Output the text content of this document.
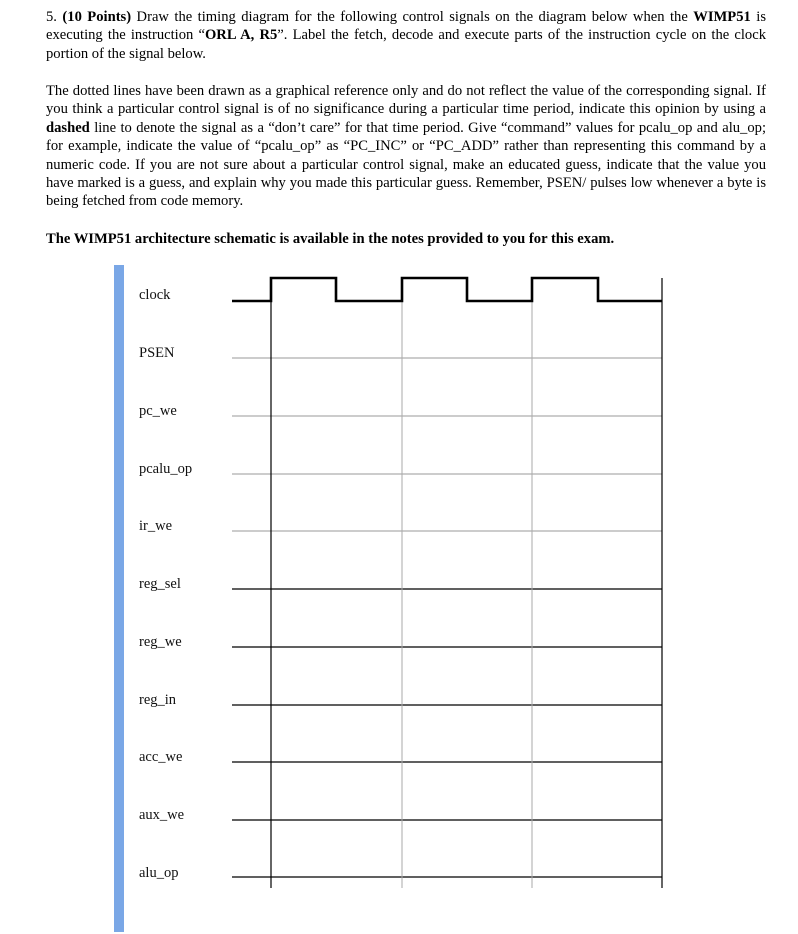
5. (10 Points) Draw the timing diagram for the following control signals on the diagram below when the WIMP51 is executing the instruction “ORL A, R5”. Label the fetch, decode and execute parts of the instruction cycle on the clock portion of the signal below.

The dotted lines have been drawn as a graphical reference only and do not reflect the value of the corresponding signal. If you think a particular control signal is of no significance during a particular time period, indicate this opinion by using a dashed line to denote the signal as a “don’t care” for that time period. Give “command” values for pcalu_op and alu_op; for example, indicate the value of “pcalu_op” as “PC_INC” or “PC_ADD” rather than representing this command by a numeric code. If you are not sure about a particular control signal, make an educated guess, indicate that the value you have marked is a guess, and explain why you made this particular guess. Remember, PSEN/ pulses low whenever a byte is being fetched from code memory.

The WIMP51 architecture schematic is available in the notes provided to you for this exam.

clock
PSEN
pc_we
pcalu_op
ir_we
reg_sel
reg_we
reg_in
acc_we
aux_we
alu_op
